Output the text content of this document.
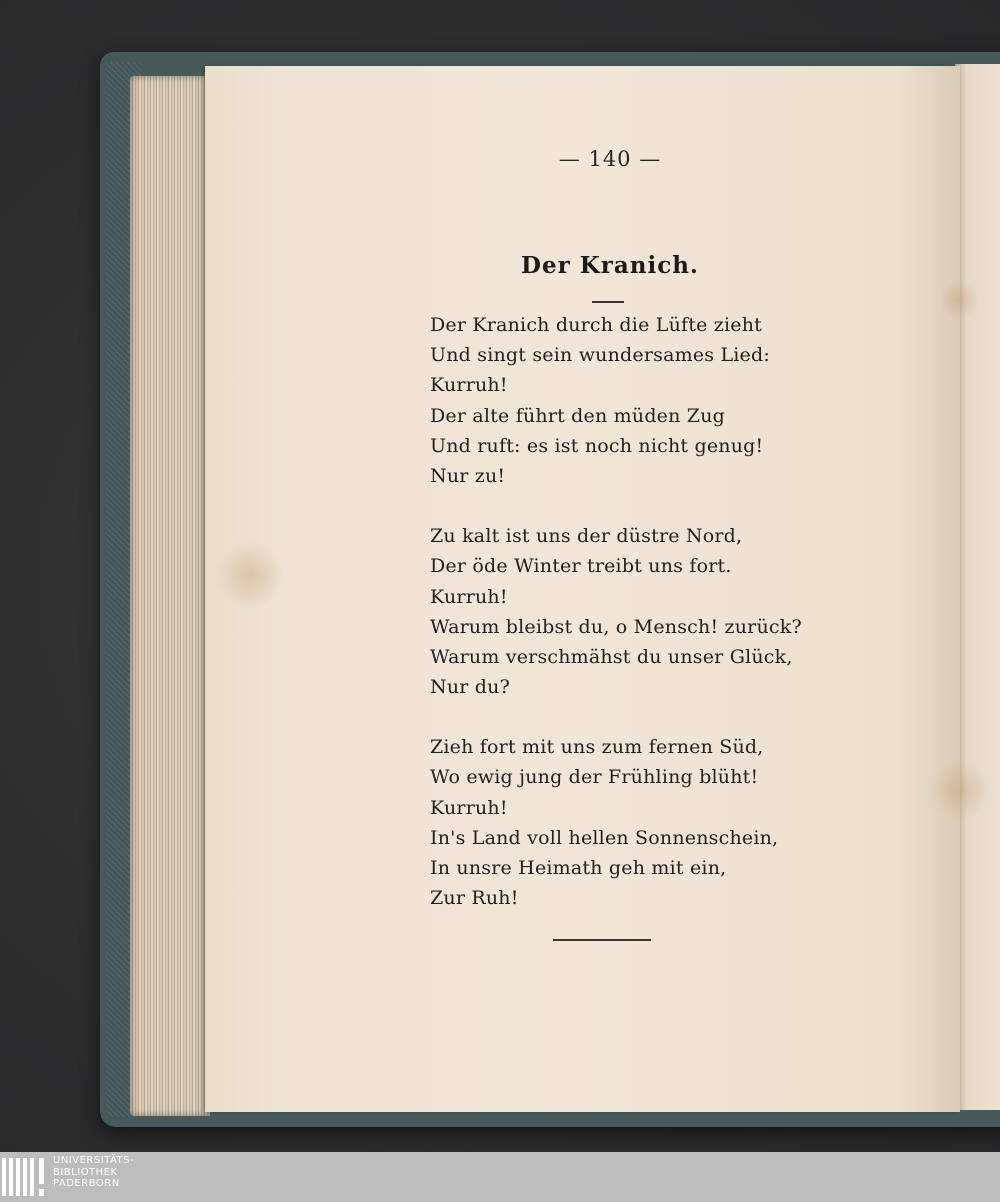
— 140 —
Der Kranich.
Der Kranich durch die Lüfte zieht
Und singt sein wundersames Lied:
Kurruh!
Der alte führt den müden Zug
Und ruft: es ist noch nicht genug!
Nur zu!
Zu kalt ist uns der düstre Nord,
Der öde Winter treibt uns fort.
Kurruh!
Warum bleibst du, o Mensch! zurück?
Warum verschmähst du unser Glück,
Nur du?
Zieh fort mit uns zum fernen Süd,
Wo ewig jung der Frühling blüht!
Kurruh!
In's Land voll hellen Sonnenschein,
In unsre Heimath geh mit ein,
Zur Ruh!
UNIVERSITÄTS-
BIBLIOTHEK
PADERBORN
